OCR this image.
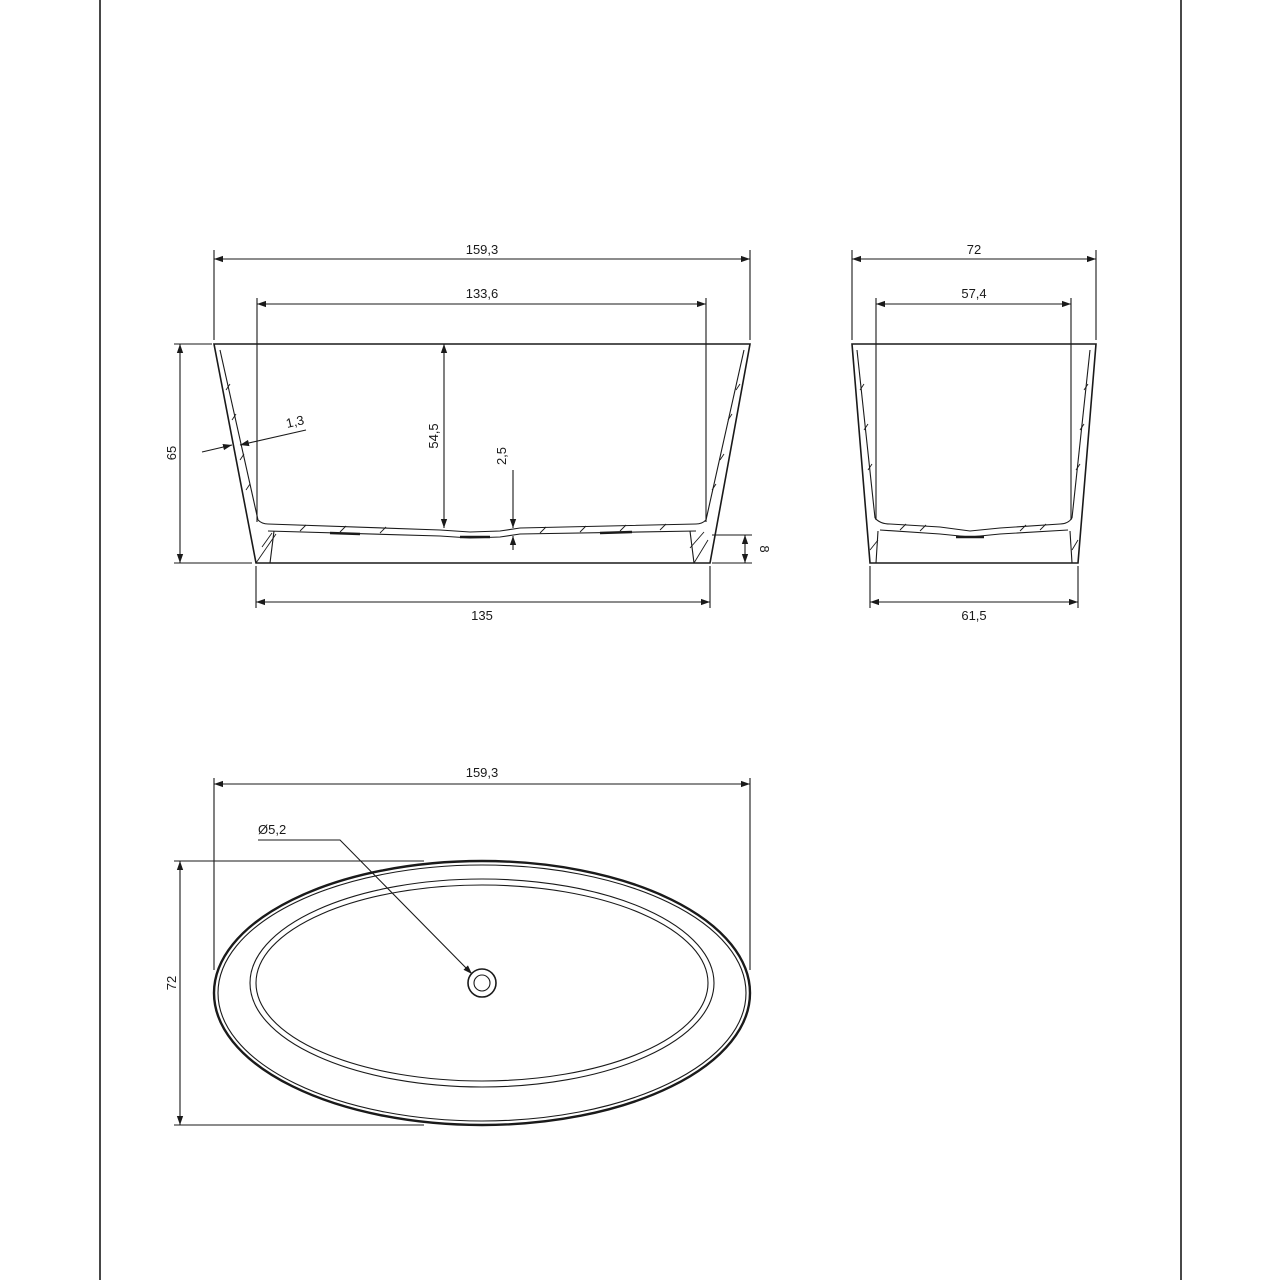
159,3
133,6
65
1,3
54,5
2,5
8
135
72
57,4
61,5
159,3
72
Ø5,2
